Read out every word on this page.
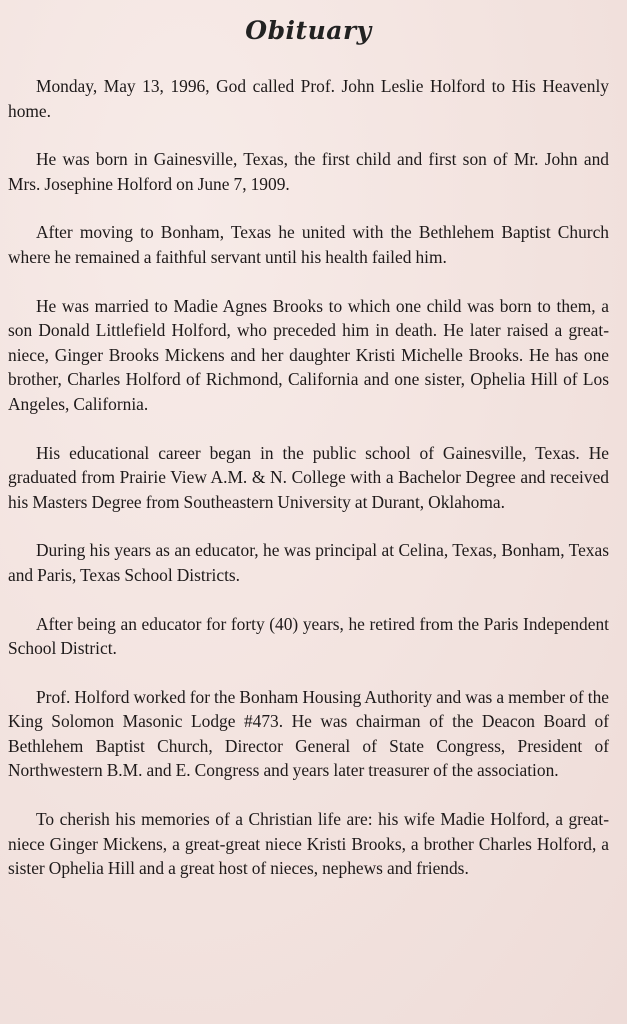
Obituary

Monday, May 13, 1996, God called Prof. John Leslie Holford to His Heavenly home.

He was born in Gainesville, Texas, the first child and first son of Mr. John and Mrs. Josephine Holford on June 7, 1909.

After moving to Bonham, Texas he united with the Bethlehem Baptist Church where he remained a faithful servant until his health failed him.

He was married to Madie Agnes Brooks to which one child was born to them, a son Donald Littlefield Holford, who preceded him in death. He later raised a great-niece, Ginger Brooks Mickens and her daughter Kristi Michelle Brooks. He has one brother, Charles Holford of Richmond, California and one sister, Ophelia Hill of Los Angeles, California.

His educational career began in the public school of Gainesville, Texas. He graduated from Prairie View A.M. & N. College with a Bachelor Degree and received his Masters Degree from Southeastern University at Durant, Oklahoma.

During his years as an educator, he was principal at Celina, Texas, Bonham, Texas and Paris, Texas School Districts.

After being an educator for forty (40) years, he retired from the Paris Independent School District.

Prof. Holford worked for the Bonham Housing Authority and was a member of the King Solomon Masonic Lodge #473. He was chairman of the Deacon Board of Bethlehem Baptist Church, Director General of State Congress, President of Northwestern B.M. and E. Congress and years later treasurer of the association.

To cherish his memories of a Christian life are: his wife Madie Holford, a great-niece Ginger Mickens, a great-great niece Kristi Brooks, a brother Charles Holford, a sister Ophelia Hill and a great host of nieces, nephews and friends.
